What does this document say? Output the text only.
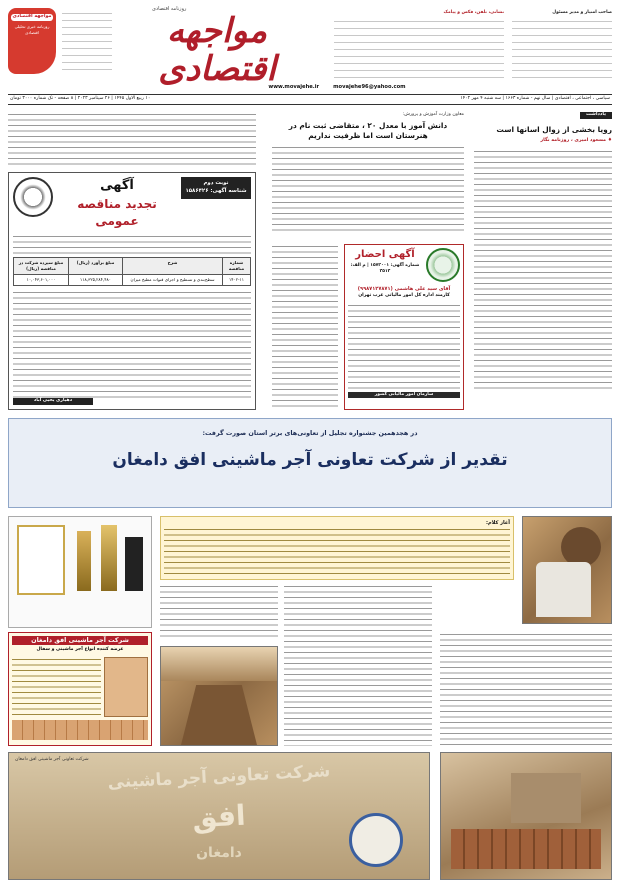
صاحب امتیاز و مدیر مسئول
نشانی، تلفن، فکس و پیامک
روزنامه اقتصادی
مواجهه اقتصادی
مواجهه اقتصادی
روزنامه خبری تحلیلی اقتصادی
www.movajehe.ir	movajehe96@yahoo.com
سیاسی ، اجتماعی ، اقتصادی | سال نهم - شماره ۱۶۶۳ | سه شنبه ۴ مهر ۱۴۰۲
۱۰ ربیع الاول ۱۴۴۵ | ۲۶ سپتامبر ۲۰۲۳ | ۸ صفحه - تک شماره ۳۰۰۰ تومان
یادداشت
رویا بخشی از زوال اسانها است
♦ مسعود امیری ، روزنامه نگار
معاون وزارت آموزش و پرورش:
دانش آموز با معدل ۲۰ ، متقاضی ثبت نام در هنرستان است اما ظرفیت نداریم
آگهی احضار
شماره آگهی: ۱۵۷۲۰۰۱ | م الف: ۳۵۱۲
آقای سید علی هاشمی (۹۹۸۷۱۲۷۸۷۱)
کارمند اداره کل امور مالیاتی غرب تهران
سازمان امور مالیاتی کشور
نوبت دوم
شناسه آگهی: ۱۵۸۶۴۲۶
آگهی
تجدید مناقصه عمومی
شماره مناقصه
شرح
مبلغ برآورد (ریال)
مبلغ سپرده شرکت در مناقصه (ریال)
۱۴۰۲-۱۱
سطح‌بندی و تسطیح و اجرای قنوات مطبخ میزان
۱۱۸,۳۲۵,۲۸۴,۴۸۰
۱۰,۰۴۳,۶۰۱,۰۰۰
دهیاری یحیی آباد
در هجدهمین جشنواره تجلیل از تعاونی‌های برتر استان صورت گرفت:
تقدیر از شرکت تعاونی آجر ماشینی افق دامغان
آغاز کلام:
شرکت آجر ماشینی افق دامغان
عرضه کننده انواع آجر ماشینی و سفال
شرکت تعاونی آجر ماشینی افق دامغان
شرکت تعاونی آجر ماشینی
افق
دامغان
